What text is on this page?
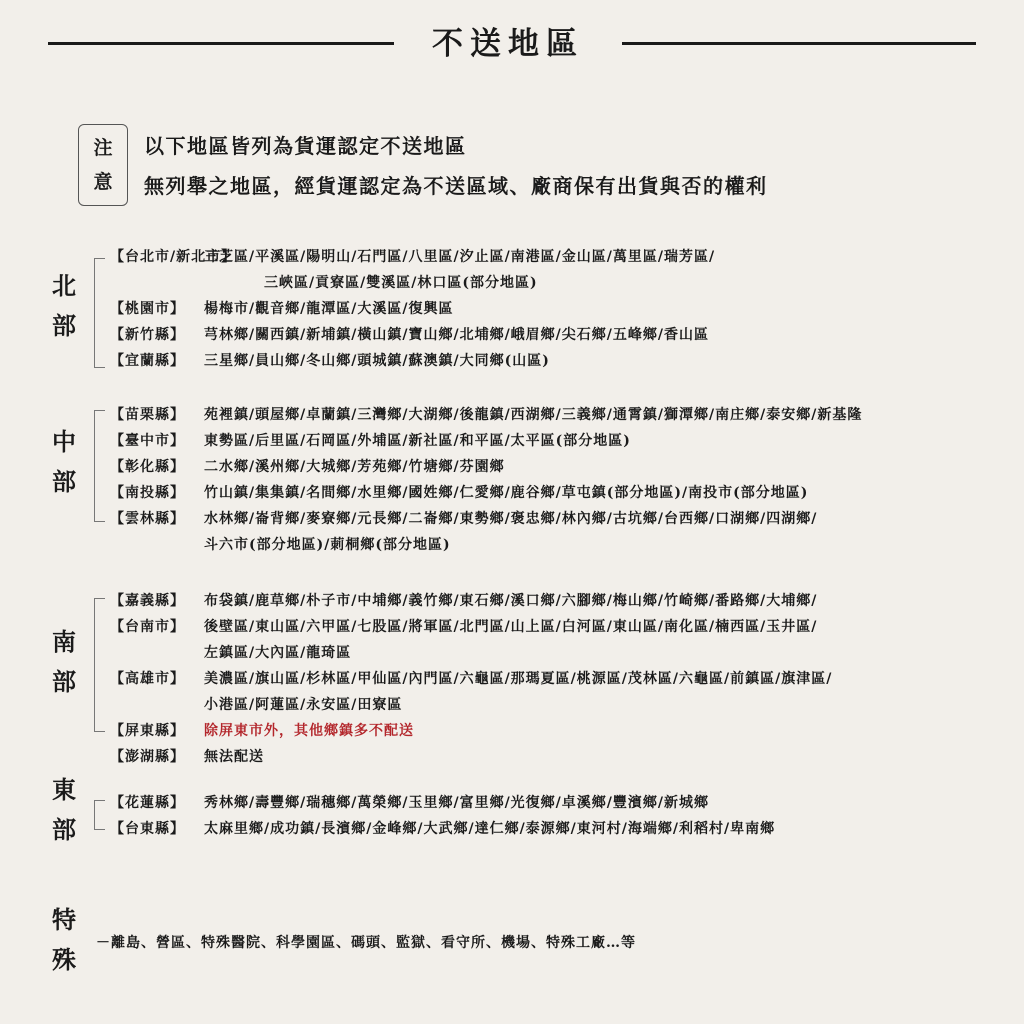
不送地區
注
意
以下地區皆列為貨運認定不送地區
無列舉之地區，經貨運認定為不送區域、廠商保有出貨與否的權利
北
部
【台北市/新北市】
三芝區/平溪區/陽明山/石門區/八里區/汐止區/南港區/金山區/萬里區/瑞芳區/
三峽區/貢寮區/雙溪區/林口區(部分地區)
【桃園市】 楊梅市/觀音鄉/龍潭區/大溪區/復興區
【新竹縣】 芎林鄉/關西鎮/新埔鎮/橫山鎮/寶山鄉/北埔鄉/峨眉鄉/尖石鄉/五峰鄉/香山區
【宜蘭縣】 三星鄉/員山鄉/冬山鄉/頭城鎮/蘇澳鎮/大同鄉(山區)
中
部
【苗栗縣】 苑裡鎮/頭屋鄉/卓蘭鎮/三灣鄉/大湖鄉/後龍鎮/西湖鄉/三義鄉/通霄鎮/獅潭鄉/南庄鄉/泰安鄉/新基隆
【臺中市】 東勢區/后里區/石岡區/外埔區/新社區/和平區/太平區(部分地區)
【彰化縣】 二水鄉/溪州鄉/大城鄉/芳苑鄉/竹塘鄉/芬園鄉
【南投縣】 竹山鎮/集集鎮/名間鄉/水里鄉/國姓鄉/仁愛鄉/鹿谷鄉/草屯鎮(部分地區)/南投市(部分地區)
【雲林縣】 水林鄉/崙背鄉/麥寮鄉/元長鄉/二崙鄉/東勢鄉/褒忠鄉/林內鄉/古坑鄉/台西鄉/口湖鄉/四湖鄉/
斗六市(部分地區)/莿桐鄉(部分地區)
南
部
【嘉義縣】 布袋鎮/鹿草鄉/朴子市/中埔鄉/義竹鄉/東石鄉/溪口鄉/六腳鄉/梅山鄉/竹崎鄉/番路鄉/大埔鄉/
【台南市】 後壁區/東山區/六甲區/七股區/將軍區/北門區/山上區/白河區/東山區/南化區/楠西區/玉井區/
左鎮區/大內區/龍琦區
【高雄市】 美濃區/旗山區/杉林區/甲仙區/內門區/六龜區/那瑪夏區/桃源區/茂林區/六龜區/前鎮區/旗津區/
小港區/阿蓮區/永安區/田寮區
【屏東縣】 除屏東市外，其他鄉鎮多不配送
【澎湖縣】 無法配送
東
部
【花蓮縣】 秀林鄉/壽豐鄉/瑞穗鄉/萬榮鄉/玉里鄉/富里鄉/光復鄉/卓溪鄉/豐濱鄉/新城鄉
【台東縣】 太麻里鄉/成功鎮/長濱鄉/金峰鄉/大武鄉/達仁鄉/泰源鄉/東河村/海端鄉/利稻村/卑南鄉
特
殊
－離島、營區、特殊醫院、科學園區、碼頭、監獄、看守所、機場、特殊工廠…等
